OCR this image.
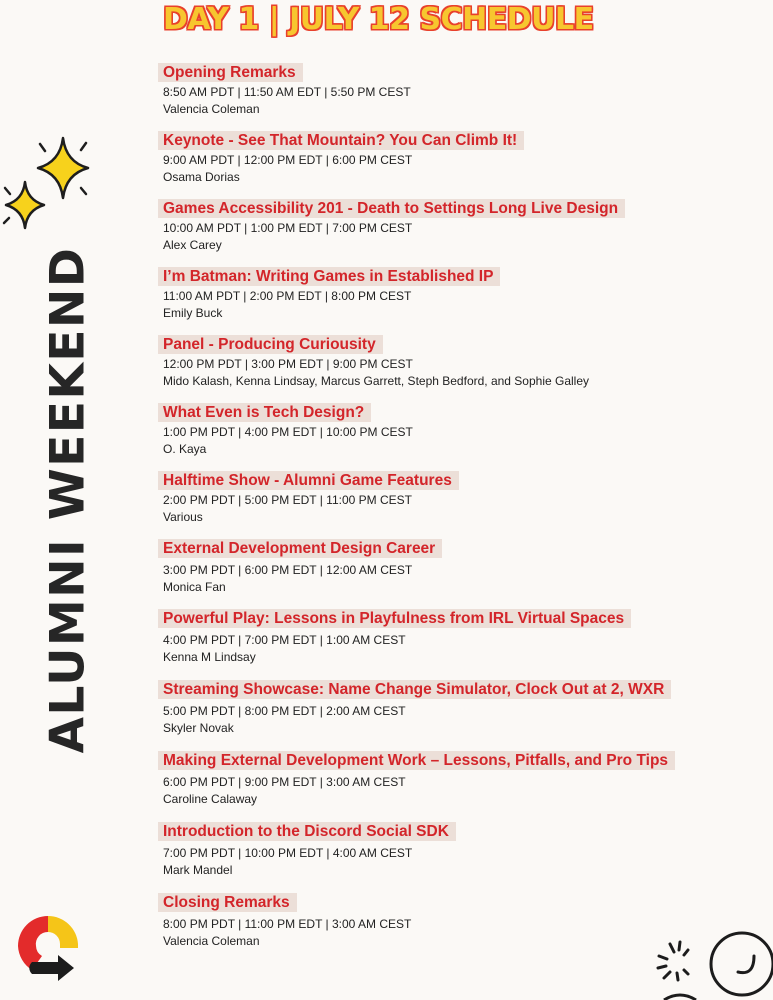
DAY 1 | JULY 12 SCHEDULE
ALUMNI WEEKEND
Opening Remarks
8:50 AM PDT | 11:50 AM EDT | 5:50 PM CEST
Valencia Coleman
Keynote - See That Mountain? You Can Climb It!
9:00 AM PDT | 12:00 PM EDT | 6:00 PM CEST
Osama Dorias
Games Accessibility 201 - Death to Settings Long Live Design
10:00 AM PDT | 1:00 PM EDT | 7:00 PM CEST
Alex Carey
I’m Batman: Writing Games in Established IP
11:00 AM PDT | 2:00 PM EDT | 8:00 PM CEST
Emily Buck
Panel - Producing Curiousity
12:00 PM PDT | 3:00 PM EDT | 9:00 PM CEST
Mido Kalash, Kenna Lindsay, Marcus Garrett, Steph Bedford, and Sophie Galley
What Even is Tech Design?
1:00 PM PDT | 4:00 PM EDT | 10:00 PM CEST
O. Kaya
Halftime Show - Alumni Game Features
2:00 PM PDT | 5:00 PM EDT | 11:00 PM CEST
Various
External Development Design Career
3:00 PM PDT | 6:00 PM EDT | 12:00 AM CEST
Monica Fan
Powerful Play: Lessons in Playfulness from IRL Virtual Spaces
4:00 PM PDT | 7:00 PM EDT | 1:00 AM CEST
Kenna M Lindsay
Streaming Showcase: Name Change Simulator, Clock Out at 2, WXR
5:00 PM PDT | 8:00 PM EDT | 2:00 AM CEST
Skyler Novak
Making External Development Work – Lessons, Pitfalls, and Pro Tips
6:00 PM PDT | 9:00 PM EDT | 3:00 AM CEST
Caroline Calaway
Introduction to the Discord Social SDK
7:00 PM PDT | 10:00 PM EDT | 4:00 AM CEST
Mark Mandel
Closing Remarks
8:00 PM PDT | 11:00 PM EDT | 3:00 AM CEST
Valencia Coleman
